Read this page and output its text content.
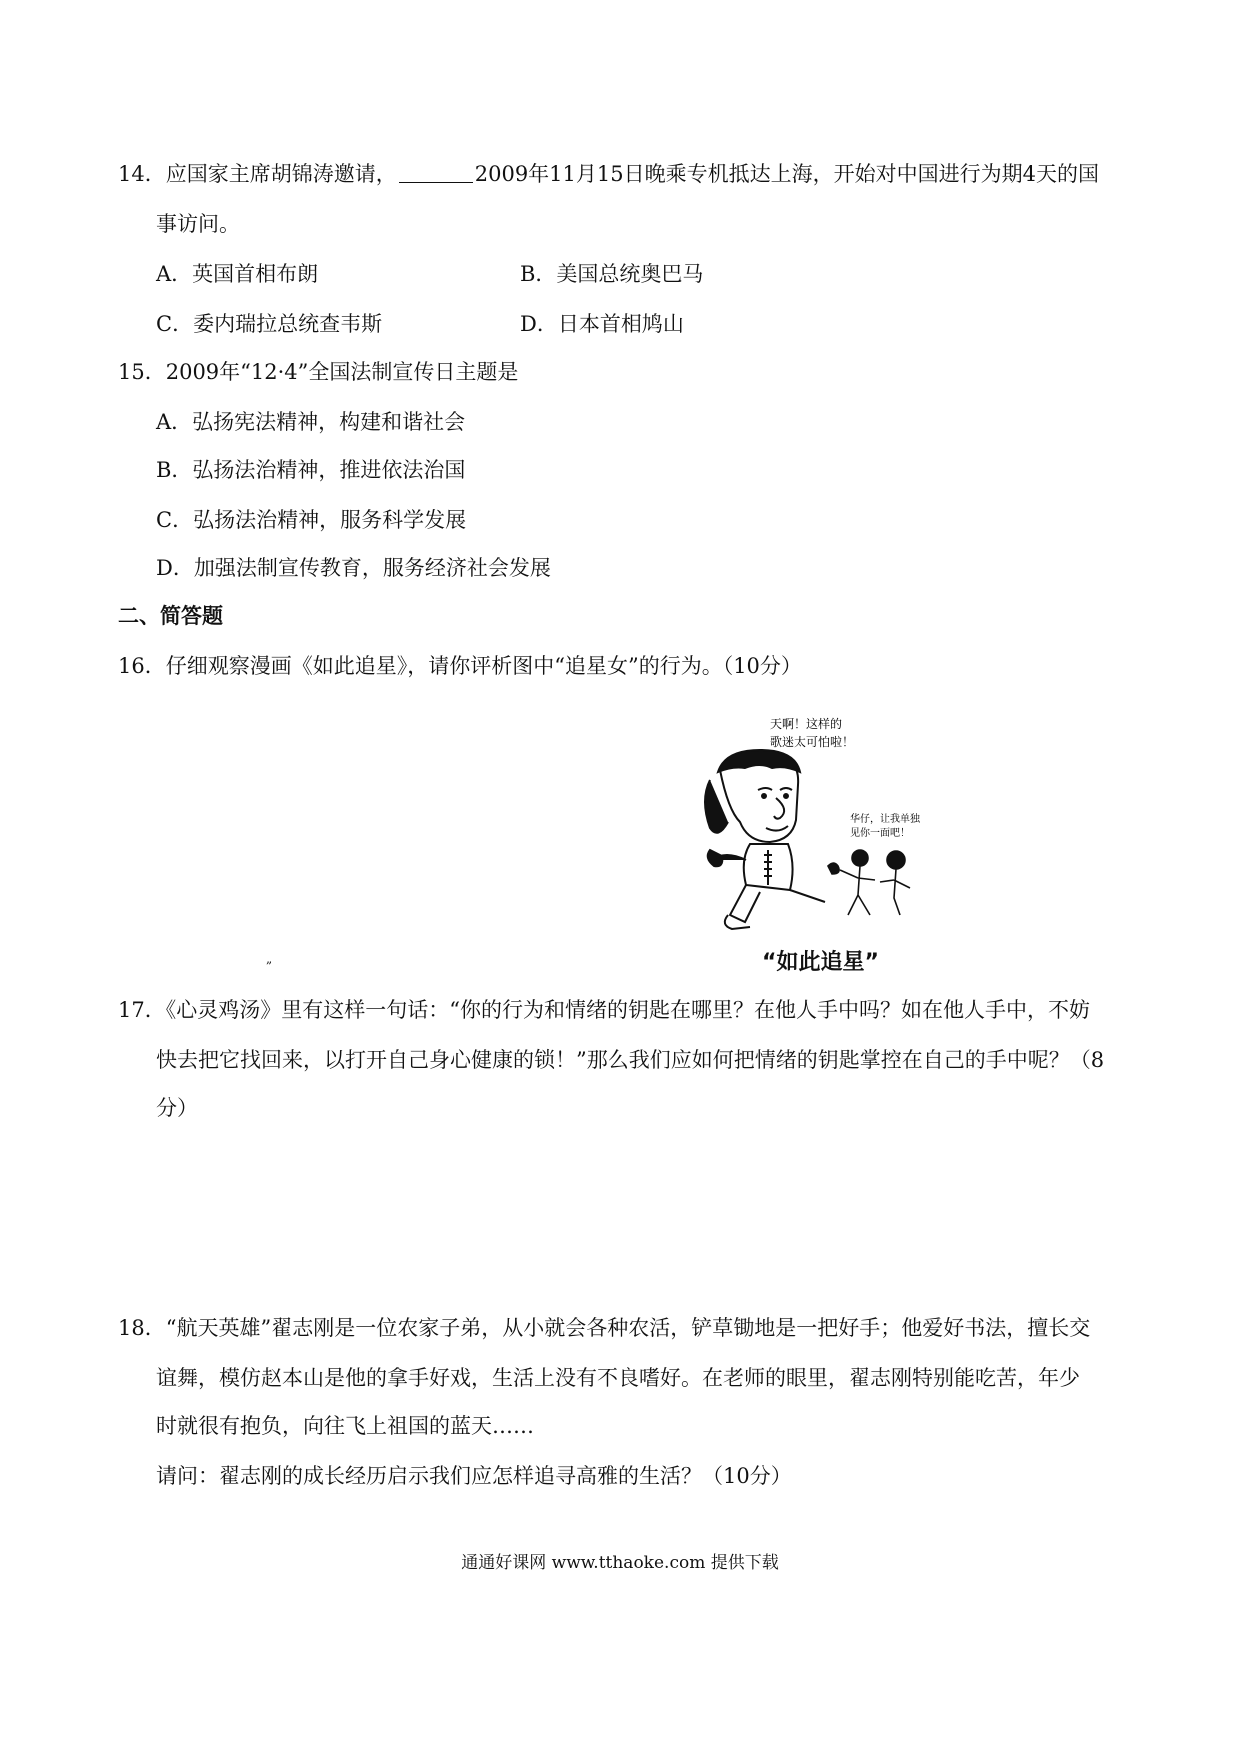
14．应国家主席胡锦涛邀请，	2009年11月15日晚乘专机抵达上海，开始对中国进行为期4天的国
事访问。
A．英国首相布朗	B．美国总统奥巴马
C．委内瑞拉总统查韦斯	D．日本首相鸠山
15．2009年“12·4”全国法制宣传日主题是
A．弘扬宪法精神，构建和谐社会
B．弘扬法治精神，推进依法治国
C．弘扬法治精神，服务科学发展
D．加强法制宣传教育，服务经济社会发展
二、简答题
16．仔细观察漫画《如此追星》，请你评析图中“追星女”的行为。（10分）
天啊！这样的
歌迷太可怕啦！
华仔，让我单独
见你一面吧！
“如此追星”
„
17．《心灵鸡汤》里有这样一句话：“你的行为和情绪的钥匙在哪里？在他人手中吗？如在他人手中，不妨
快去把它找回来，以打开自己身心健康的锁！”那么我们应如何把情绪的钥匙掌控在自己的手中呢？（8
分）
18．“航天英雄”翟志刚是一位农家子弟，从小就会各种农活，铲草锄地是一把好手；他爱好书法，擅长交
谊舞，模仿赵本山是他的拿手好戏，生活上没有不良嗜好。在老师的眼里，翟志刚特别能吃苦，年少
时就很有抱负，向往飞上祖国的蓝天……
请问：翟志刚的成长经历启示我们应怎样追寻高雅的生活？（10分）
通通好课网 www.tthaoke.com 提供下载
